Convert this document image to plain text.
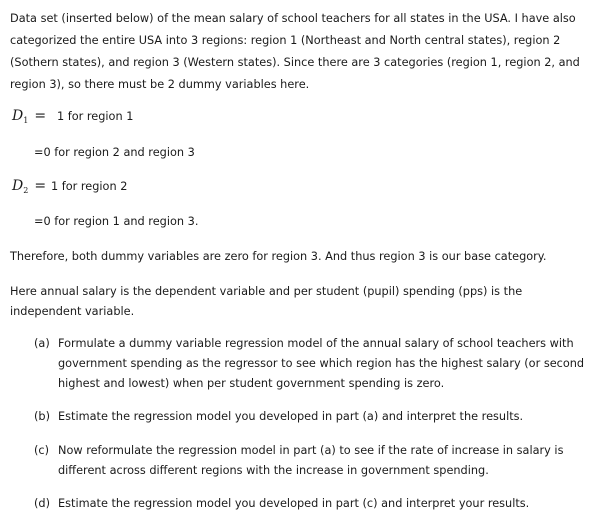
Data set (inserted below) of the mean salary of school teachers for all states in the USA. I have also
categorized the entire USA into 3 regions: region 1 (Northeast and North central states), region 2
(Sothern states), and region 3 (Western states). Since there are 3 categories (region 1, region 2, and
region 3), so there must be 2 dummy variables here.
$D_1 = 1$ for region 1
=0 for region 2 and region 3
$D_2 = 1$ for region 2
=0 for region 1 and region 3.
Therefore, both dummy variables are zero for region 3. And thus region 3 is our base category.
Here annual salary is the dependent variable and per student (pupil) spending (pps) is the
independent variable.
(a) Formulate a dummy variable regression model of the annual salary of school teachers with
government spending as the regressor to see which region has the highest salary (or second
highest and lowest) when per student government spending is zero.
(b) Estimate the regression model you developed in part (a) and interpret the results.
(c) Now reformulate the regression model in part (a) to see if the rate of increase in salary is
different across different regions with the increase in government spending.
(d) Estimate the regression model you developed in part (c) and interpret your results.
